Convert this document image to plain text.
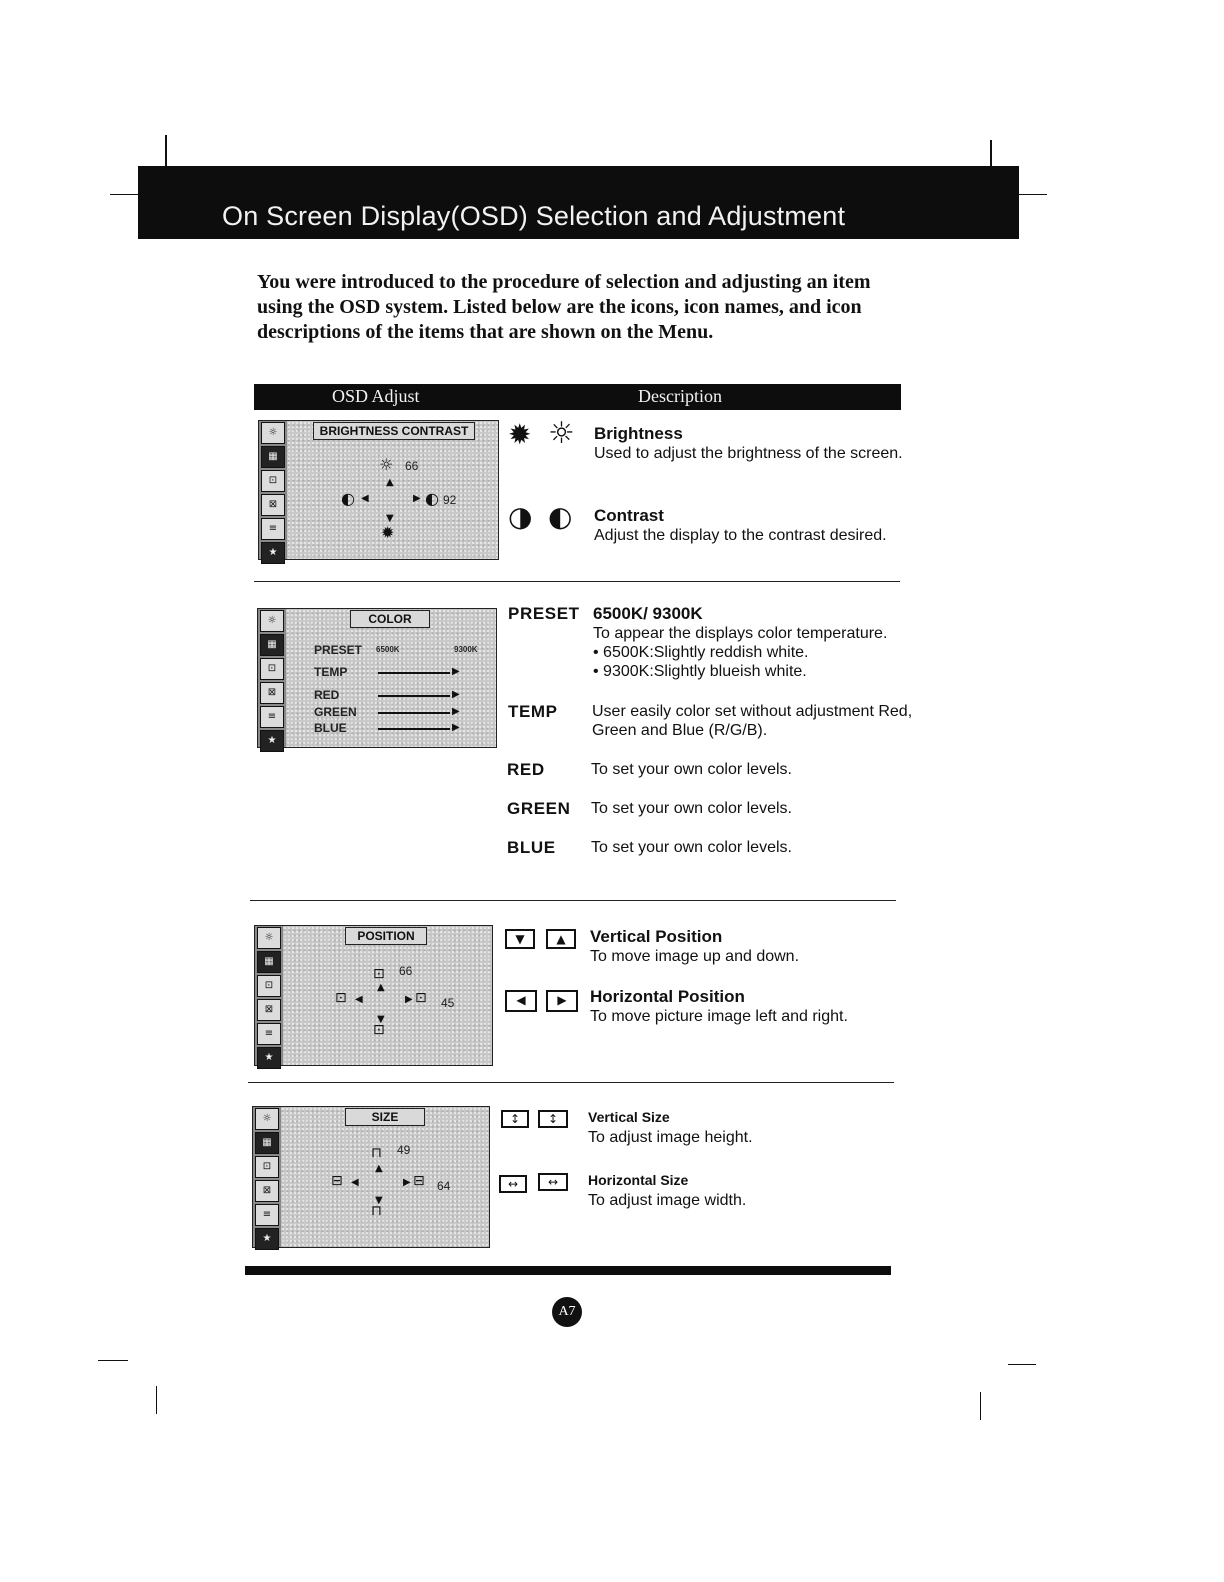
On Screen Display(OSD) Selection and Adjustment
You were introduced to the procedure of selection and adjusting an item using the OSD system. Listed below are the icons, icon names, and icon descriptions of the items that are shown on the Menu.
OSD Adjust	Description
☼
▦
⊡
⊠
≡
★
BRIGHTNESS CONTRAST
☼ 66
▲
◐ ◀	▶ ◐ 92
▼
✹
✹ ☼ Brightness
Used to adjust the brightness of the screen.
◑ ◐ Contrast
Adjust the display to the contrast desired.
☼
▦
⊡
⊠
≡
★
COLOR
PRESET 6500K	9300K
TEMP	▶
RED	▶
GREEN	▶
BLUE	▶
PRESET 6500K/ 9300K
To appear the displays color temperature.
• 6500K:Slightly reddish white.
• 9300K:Slightly blueish white.
TEMP User easily color set without adjustment Red,
Green and Blue (R/G/B).
RED	To set your own color levels.
GREEN To set your own color levels.
BLUE To set your own color levels.
☼
▦
⊡
⊠
≡
★
POSITION
⊡ 66
▲
⊡ ◀	▶ ⊡ 45
▼
⊡
▼	▲	Vertical Position
To move image up and down.
◀	▶	Horizontal Position
To move picture image left and right.
☼
▦
⊡
⊠
≡
★
SIZE
⊓ 49
▲
⊟ ◀	▶ ⊟ 64
▼
⊓
↕	↕	Vertical Size
To adjust image height.
↔	↔	Horizontal Size
To adjust image width.
A7
